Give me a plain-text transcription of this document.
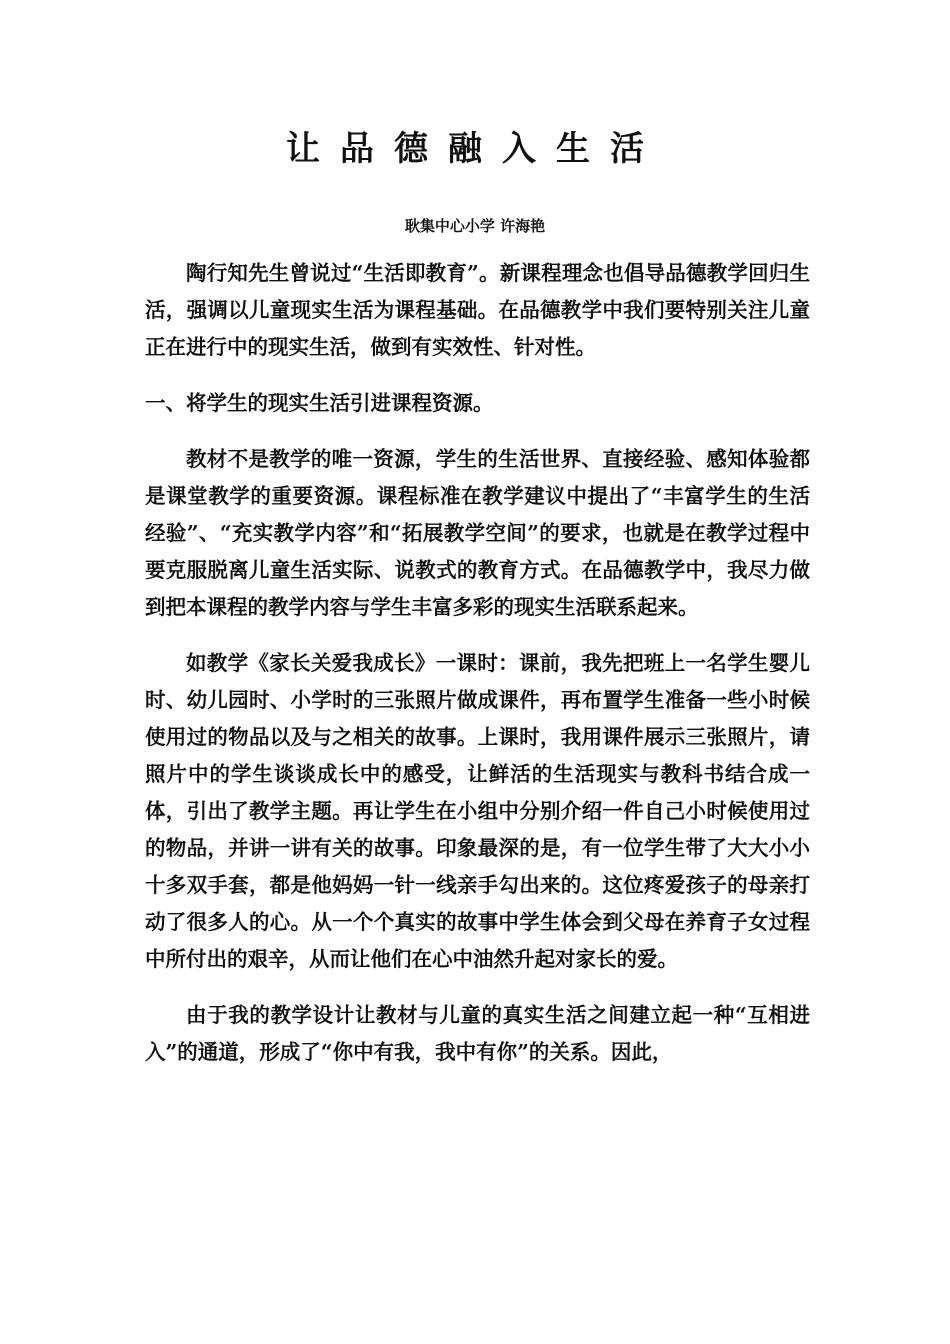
让品德融入生活
耿集中心小学 许海艳

陶行知先生曾说过“生活即教育”。新课程理念也倡导品德教学回归生活，强调以儿童现实生活为课程基础。在品德教学中我们要特别关注儿童正在进行中的现实生活，做到有实效性、针对性。

一、将学生的现实生活引进课程资源。

教材不是教学的唯一资源，学生的生活世界、直接经验、感知体验都是课堂教学的重要资源。课程标准在教学建议中提出了“丰富学生的生活经验”、“充实教学内容”和“拓展教学空间”的要求，也就是在教学过程中要克服脱离儿童生活实际、说教式的教育方式。在品德教学中，我尽力做到把本课程的教学内容与学生丰富多彩的现实生活联系起来。

如教学《家长关爱我成长》一课时：课前，我先把班上一名学生婴儿时、幼儿园时、小学时的三张照片做成课件，再布置学生准备一些小时候使用过的物品以及与之相关的故事。上课时，我用课件展示三张照片，请照片中的学生谈谈成长中的感受，让鲜活的生活现实与教科书结合成一体，引出了教学主题。再让学生在小组中分别介绍一件自己小时候使用过的物品，并讲一讲有关的故事。印象最深的是，有一位学生带了大大小小十多双手套，都是他妈妈一针一线亲手勾出来的。这位疼爱孩子的母亲打动了很多人的心。从一个个真实的故事中学生体会到父母在养育子女过程中所付出的艰辛，从而让他们在心中油然升起对家长的爱。

由于我的教学设计让教材与儿童的真实生活之间建立起一种“互相进入”的通道，形成了“你中有我，我中有你”的关系。因此，
